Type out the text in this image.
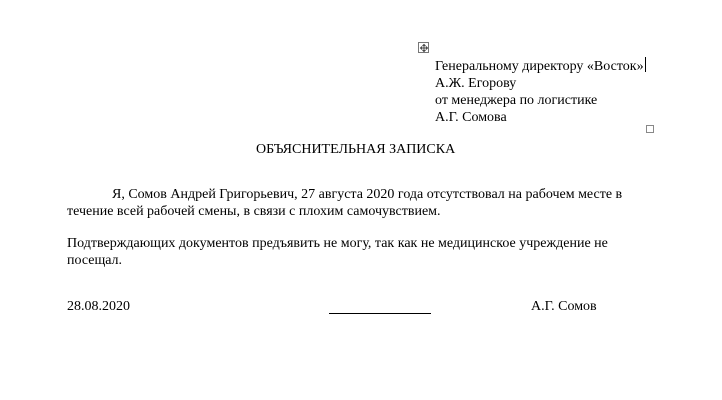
Генеральному директору «Восток»
А.Ж. Егорову
от менеджера по логистике
А.Г. Сомова
ОБЪЯСНИТЕЛЬНАЯ ЗАПИСКА
Я, Сомов Андрей Григорьевич, 27 августа 2020 года отсутствовал на рабочем месте в
течение всей рабочей смены, в связи с плохим самочувствием.
Подтверждающих документов предъявить не могу, так как не медицинское учреждение не
посещал.
28.08.2020	А.Г. Сомов
